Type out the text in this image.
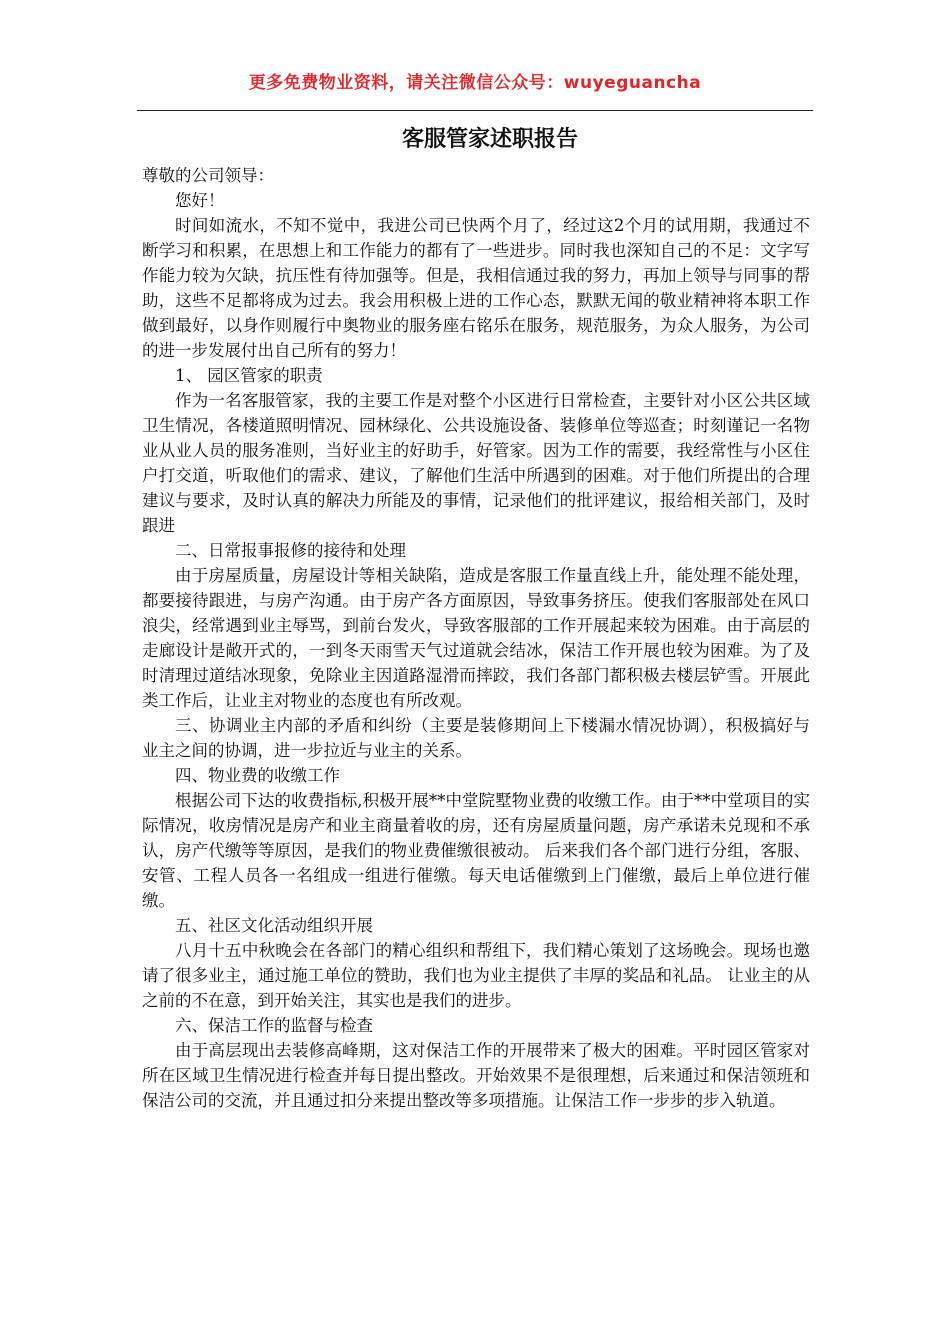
更多免费物业资料，请关注微信公众号：wuyeguancha
客服管家述职报告

尊敬的公司领导：

您好！

时间如流水，不知不觉中，我进公司已快两个月了，经过这2个月的试用期，我通过不断学习和积累，在思想上和工作能力的都有了一些进步。同时我也深知自己的不足：文字写作能力较为欠缺，抗压性有待加强等。但是，我相信通过我的努力，再加上领导与同事的帮助，这些不足都将成为过去。我会用积极上进的工作心态，默默无闻的敬业精神将本职工作做到最好，以身作则履行中奥物业的服务座右铭乐在服务，规范服务，为众人服务，为公司的进一步发展付出自己所有的努力！

1、 园区管家的职责

作为一名客服管家，我的主要工作是对整个小区进行日常检查，主要针对小区公共区域卫生情况，各楼道照明情况、园林绿化、公共设施设备、装修单位等巡查；时刻谨记一名物业从业人员的服务准则，当好业主的好助手，好管家。因为工作的需要，我经常性与小区住户打交道，听取他们的需求、建议，了解他们生活中所遇到的困难。对于他们所提出的合理建议与要求，及时认真的解决力所能及的事情，记录他们的批评建议，报给相关部门，及时跟进

二、日常报事报修的接待和处理

由于房屋质量，房屋设计等相关缺陷，造成是客服工作量直线上升，能处理不能处理，都要接待跟进，与房产沟通。由于房产各方面原因，导致事务挤压。使我们客服部处在风口浪尖，经常遇到业主辱骂，到前台发火，导致客服部的工作开展起来较为困难。由于高层的走廊设计是敞开式的，一到冬天雨雪天气过道就会结冰，保洁工作开展也较为困难。为了及时清理过道结冰现象，免除业主因道路湿滑而摔跤，我们各部门都积极去楼层铲雪。开展此类工作后，让业主对物业的态度也有所改观。

三、协调业主内部的矛盾和纠纷（主要是装修期间上下楼漏水情况协调），积极搞好与业主之间的协调，进一步拉近与业主的关系。

四、物业费的收缴工作

根据公司下达的收费指标,积极开展**中堂院墅物业费的收缴工作。由于**中堂项目的实际情况，收房情况是房产和业主商量着收的房，还有房屋质量问题，房产承诺未兑现和不承认，房产代缴等等原因，是我们的物业费催缴很被动。 后来我们各个部门进行分组，客服、安管、工程人员各一名组成一组进行催缴。每天电话催缴到上门催缴，最后上单位进行催缴。

五、社区文化活动组织开展

八月十五中秋晚会在各部门的精心组织和帮组下，我们精心策划了这场晚会。现场也邀请了很多业主，通过施工单位的赞助，我们也为业主提供了丰厚的奖品和礼品。 让业主的从之前的不在意，到开始关注，其实也是我们的进步。

六、保洁工作的监督与检查

由于高层现出去装修高峰期，这对保洁工作的开展带来了极大的困难。平时园区管家对所在区域卫生情况进行检查并每日提出整改。开始效果不是很理想，后来通过和保洁领班和保洁公司的交流，并且通过扣分来提出整改等多项措施。让保洁工作一步步的步入轨道。
